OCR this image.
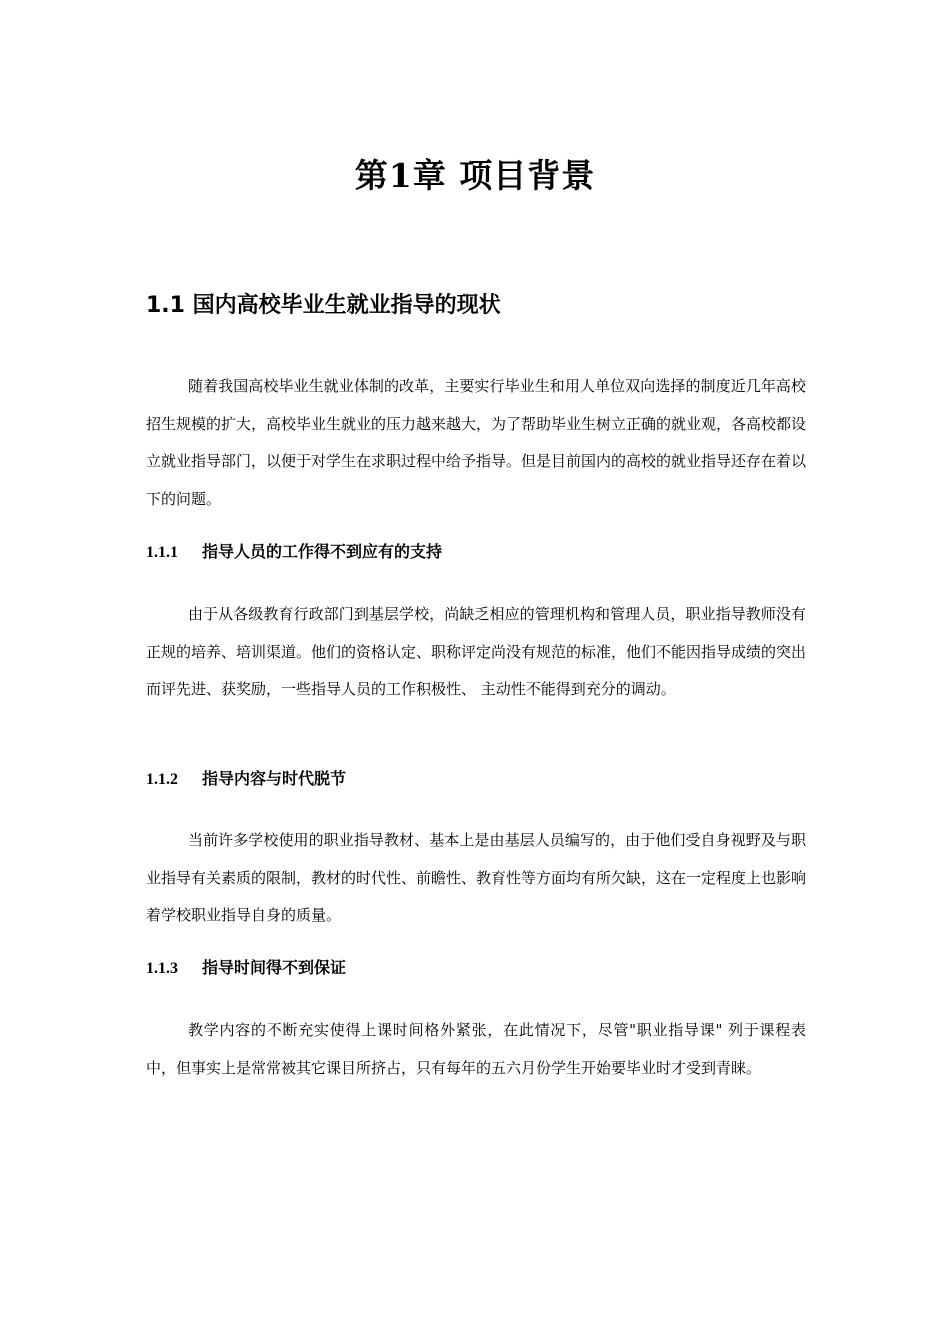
第1章 项目背景
1.1 国内高校毕业生就业指导的现状

随着我国高校毕业生就业体制的改革，主要实行毕业生和用人单位双向选择的制度近几年高校招生规模的扩大，高校毕业生就业的压力越来越大，为了帮助毕业生树立正确的就业观，各高校都设立就业指导部门，以便于对学生在求职过程中给予指导。但是目前国内的高校的就业指导还存在着以下的问题。

1.1.1 指导人员的工作得不到应有的支持

由于从各级教育行政部门到基层学校，尚缺乏相应的管理机构和管理人员，职业指导教师没有正规的培养、培训渠道。他们的资格认定、职称评定尚没有规范的标准，他们不能因指导成绩的突出而评先进、获奖励，一些指导人员的工作积极性、 主动性不能得到充分的调动。

1.1.2 指导内容与时代脱节

当前许多学校使用的职业指导教材、基本上是由基层人员编写的，由于他们受自身视野及与职业指导有关素质的限制，教材的时代性、前瞻性、教育性等方面均有所欠缺，这在一定程度上也影响着学校职业指导自身的质量。

1.1.3 指导时间得不到保证

教学内容的不断充实使得上课时间格外紧张，在此情况下，尽管"职业指导课" 列于课程表中，但事实上是常常被其它课目所挤占，只有每年的五六月份学生开始要毕业时才受到青睐。
